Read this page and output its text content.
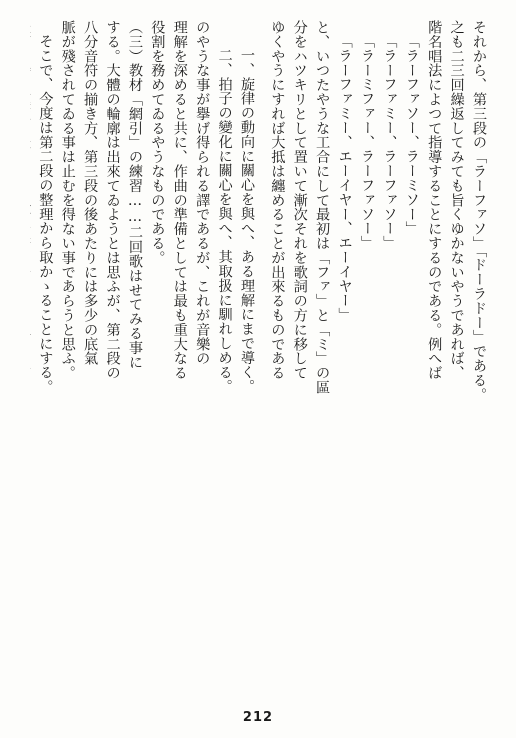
それから、第三段の「ラーファソ」「ドーラドー」である。
之も二三回繰返してみても旨くゆかないやうであれば、
階名唱法によつて指導することにするのである。例へば
「ラーファソー、ラーミソー」
「ラーファミー、ラーファソー」
「ラーミファー、ラーファソー」
「ラーファミー、エーイヤー、エーイヤー」
と、いつたやうな工合にして最初は「ファ」と「ミ」の區
分をハツキリとして置いて漸次それを歌詞の方に移して
ゆくやうにすれば大抵は纏めることが出來るものである
一、旋律の動向に關心を與へ、ある理解にまで導く。
二、拍子の變化に關心を與へ、其取扱に馴れしめる。
のやうな事が擧げ得られる譯であるが、これが音樂の
理解を深めると共に、作曲の準備としては最も重大なる
役割を務めてゐるやうなものである。
（三）教材「網引」の練習……二回歌はせてみる事に
する。大體の輪廓は出來てゐようとは思ふが、第二段の
八分音符の揃き方、第三段の後あたりには多少の底氣
脈が殘されてゐる事は止むを得ない事であらうと思ふ。
そこで、今度は第二段の整理から取かゝることにする。
212
